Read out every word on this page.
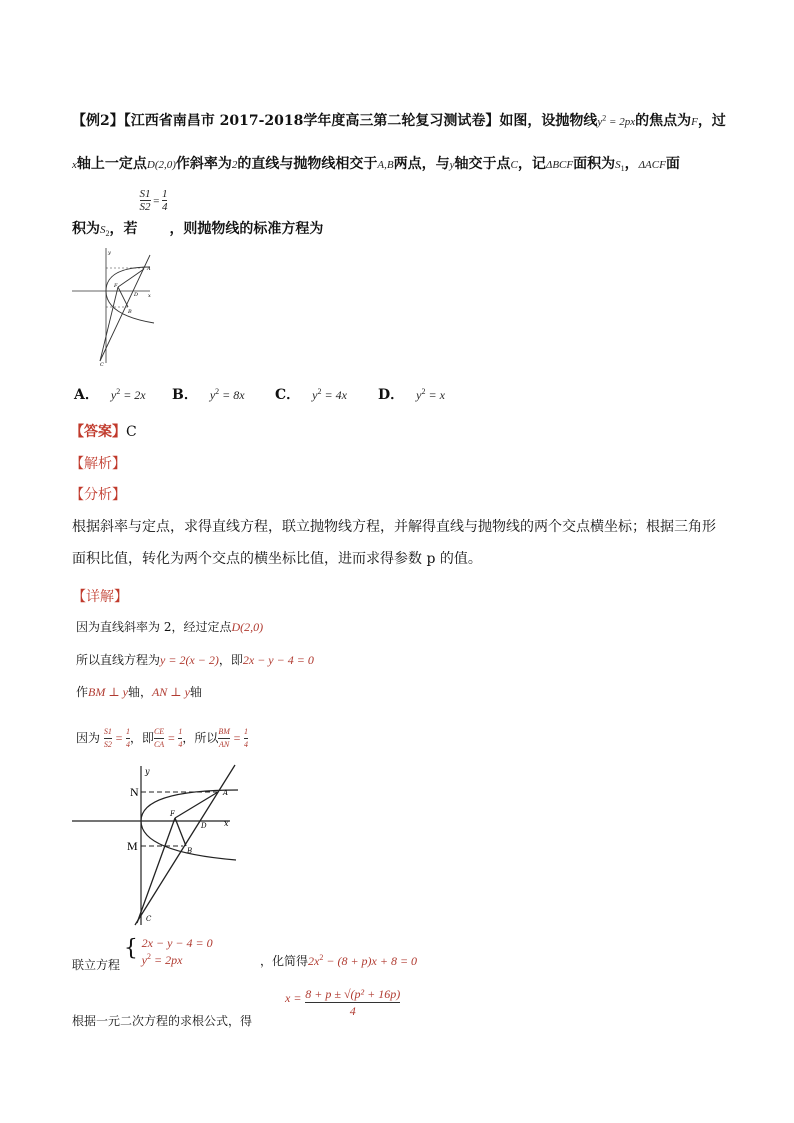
【例2】【江西省南昌市 2017-2018学年度高三第二轮复习测试卷】如图，设抛物线$y^2 = 2px$的焦点为F，过
x轴上一定点D(2,0)作斜率为2的直线与抛物线相交于A,B两点，与y轴交于点C，记ΔBCF面积为$S_1$，ΔACF面
积为$_{S_2}$，若
$\frac{S1}{S2} = \frac{1}{4}$
，则抛物线的标准方程为
y
x
A
F
D
B
C
A． $y^2 = 2x$ B． $y^2 = 8x$ C． $y^2 = 4x$ D． $y^2 = x$
【答案】C
【解析】
【分析】
根据斜率与定点，求得直线方程，联立抛物线方程，并解得直线与抛物线的两个交点横坐标；根据三角形
面积比值，转化为两个交点的横坐标比值，进而求得参数 p 的值。
【详解】
因为直线斜率为 2，经过定点D(2,0)
所以直线方程为y = 2(x − 2)，即2x − y − 4 = 0
作BM ⊥ y轴，AN ⊥ y轴
因为 $\frac{S1}{S2} = \frac{1}{4}$ ，即 $\frac{CE}{CA} = \frac{1}{4}$ ，所以 $\frac{BM}{AN} = \frac{1}{4}$
y
N
M
A
F
D x
B
C
联立方程 { 2x − y − 4 = 0
$y^2 = 2px$	，化简得$2x^2 - (8 + p)x + 8 = 0$
根据一元二次方程的求根公式，得
$x = \frac{\text{8 + p ± √(p² + 16p)}}{4}$
